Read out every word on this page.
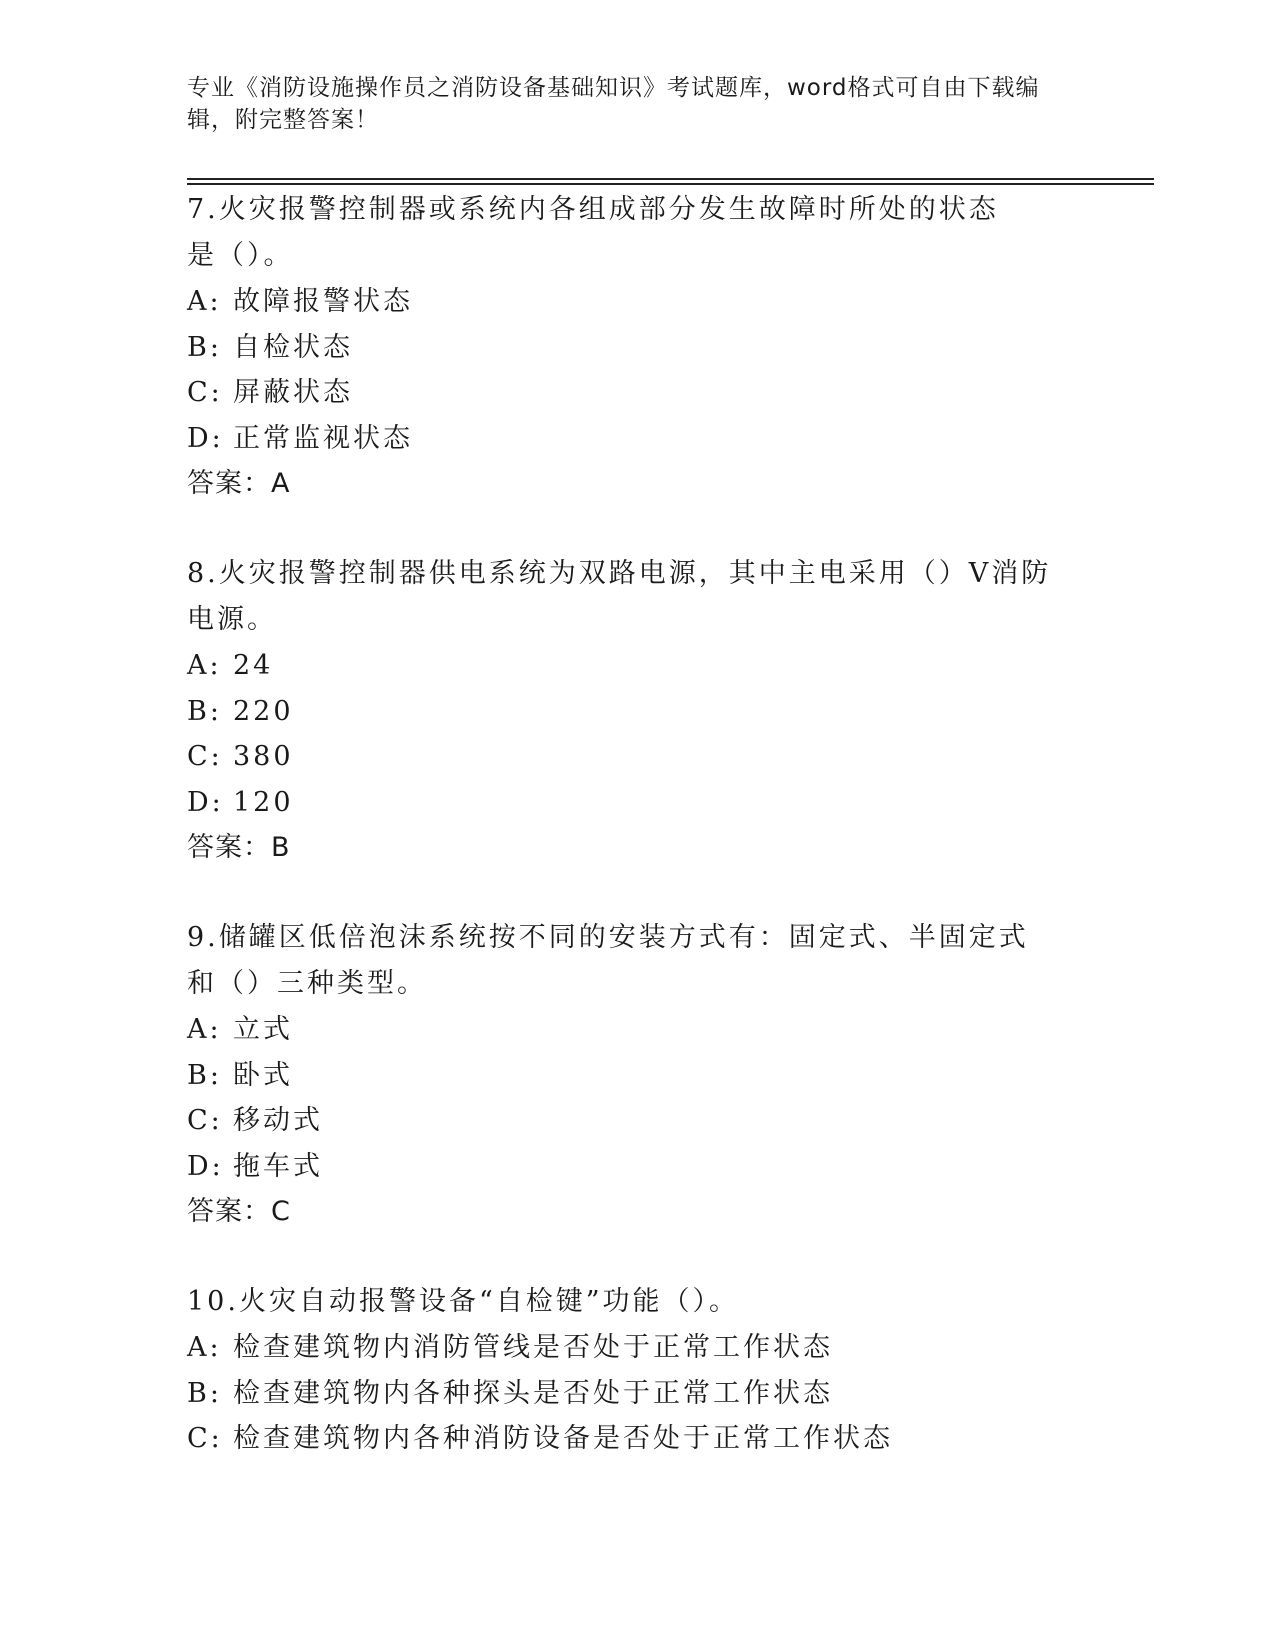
专业《消防设施操作员之消防设备基础知识》考试题库，word格式可自由下载编辑，附完整答案！
7.火灾报警控制器或系统内各组成部分发生故障时所处的状态是（）。
A: 故障报警状态
B: 自检状态
C: 屏蔽状态
D: 正常监视状态
答案：A
8.火灾报警控制器供电系统为双路电源，其中主电采用（）V消防电源。
A: 24
B: 220
C: 380
D: 120
答案：B
9.储罐区低倍泡沫系统按不同的安装方式有：固定式、半固定式和（）三种类型。
A: 立式
B: 卧式
C: 移动式
D: 拖车式
答案：C
10.火灾自动报警设备“自检键”功能（）。
A: 检查建筑物内消防管线是否处于正常工作状态
B: 检查建筑物内各种探头是否处于正常工作状态
C: 检查建筑物内各种消防设备是否处于正常工作状态
